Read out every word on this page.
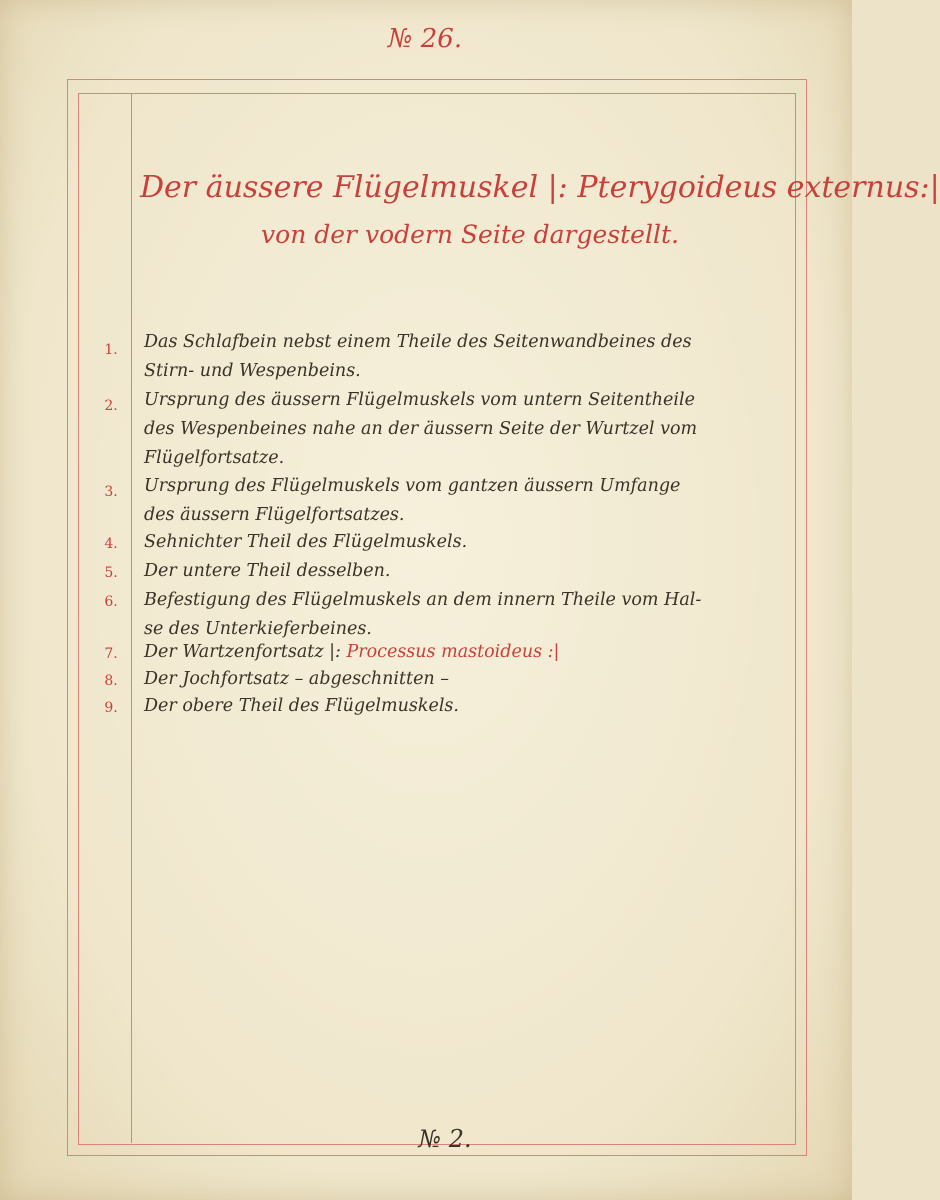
№ 26.
Der äussere Flügelmuskel |: Pterygoideus externus:|
von der vodern Seite dargestellt.
1.	Das Schlafbein nebst einem Theile des Seitenwandbeines des
Stirn- und Wespenbeins.
2.	Ursprung des äussern Flügelmuskels vom untern Seitentheile
des Wespenbeines nahe an der äussern Seite der Wurtzel vom
Flügelfortsatze.
3.	Ursprung des Flügelmuskels vom gantzen äussern Umfange
des äussern Flügelfortsatzes.
4.	Sehnichter Theil des Flügelmuskels.
5.	Der untere Theil desselben.
6.	Befestigung des Flügelmuskels an dem innern Theile vom Hal-
se des Unterkieferbeines.
7.	Der Wartzenfortsatz |: Processus mastoideus :|
8.	Der Jochfortsatz – abgeschnitten –
9.	Der obere Theil des Flügelmuskels.
№ 2.
